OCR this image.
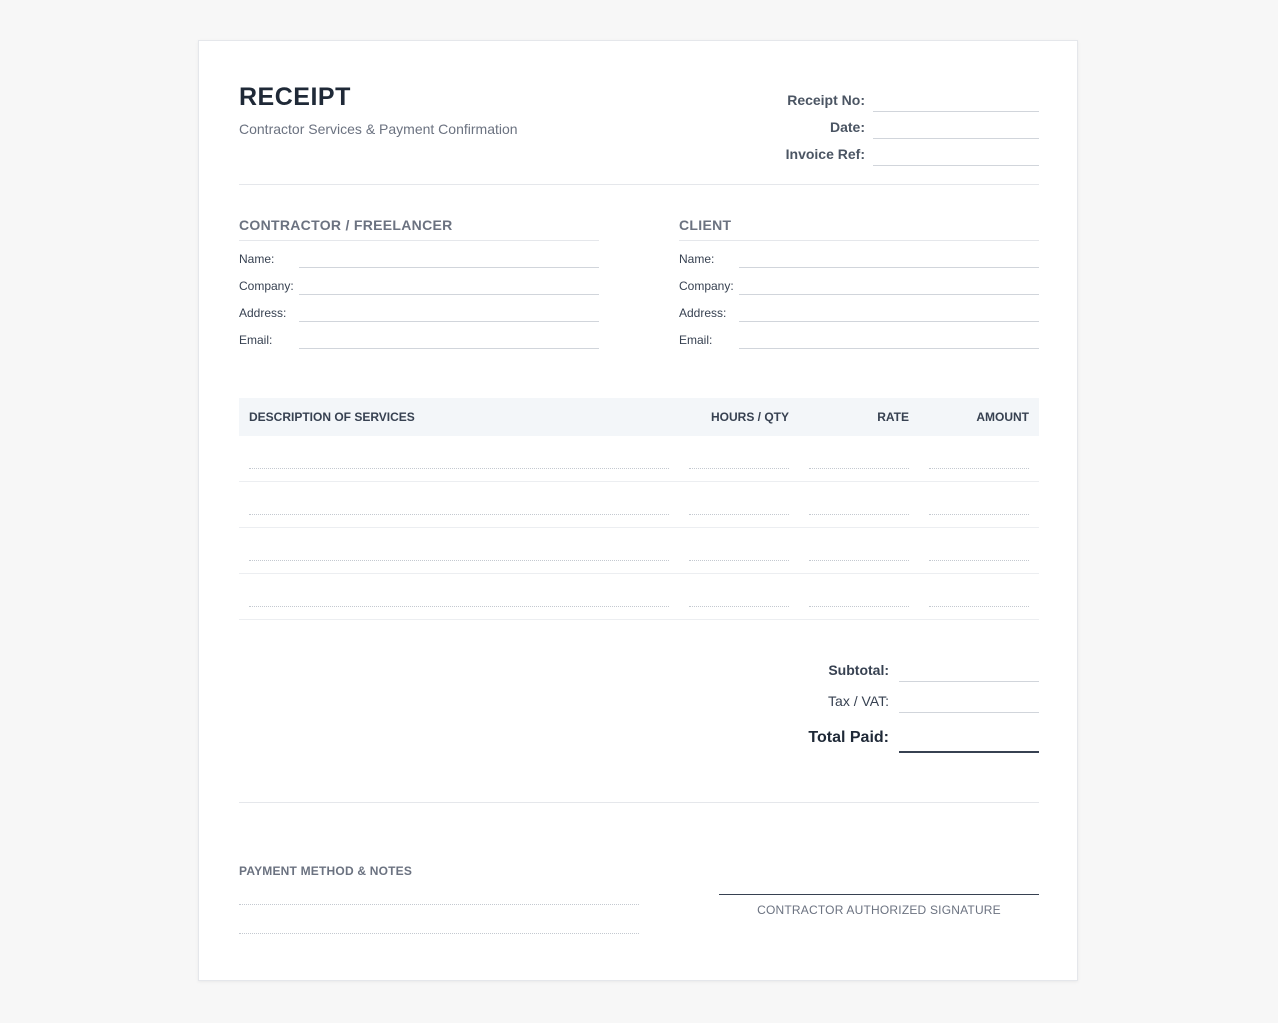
RECEIPT
Contractor Services & Payment Confirmation
Receipt No:
Date:
Invoice Ref:
CONTRACTOR / FREELANCER
Name:
Company:
Address:
Email:
CLIENT
Name:
Company:
Address:
Email:
DESCRIPTION OF SERVICES	HOURS / QTY	RATE	AMOUNT

Subtotal:
Tax / VAT:
Total Paid:
PAYMENT METHOD & NOTES
CONTRACTOR AUTHORIZED SIGNATURE
